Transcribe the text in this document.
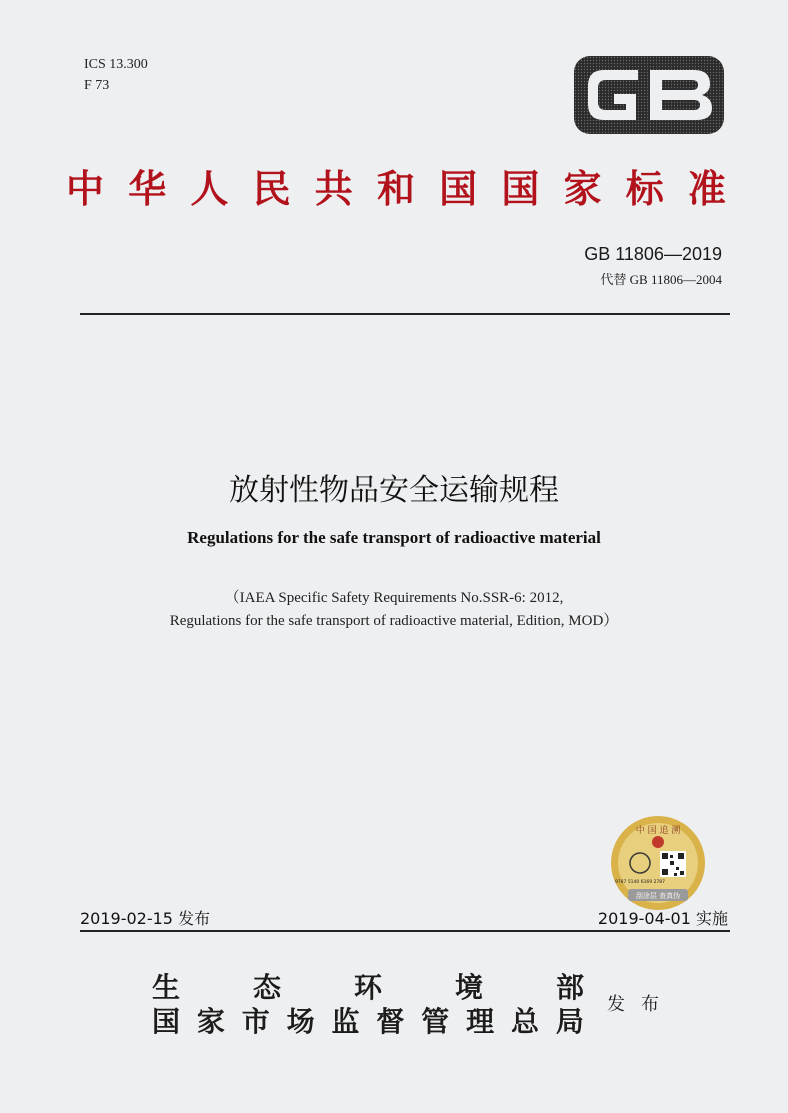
ICS 13.300
F 73
中 华 人 民 共 和 国 国 家 标 准
GB 11806—2019
代替 GB 11806—2004
放射性物品安全运输规程
Regulations for the safe transport of radioactive material
（IAEA Specific Safety Requirements No.SSR-6: 2012,
Regulations for the safe transport of radioactive material, Edition, MOD）
中 国 追 溯
9787 5140 6169 2787
刮涂层 查真伪
2019-02-15 发布	2019-04-01 实施
生	态	环	境	部
国 家 市 场 监 督 管 理 总 局
发布
